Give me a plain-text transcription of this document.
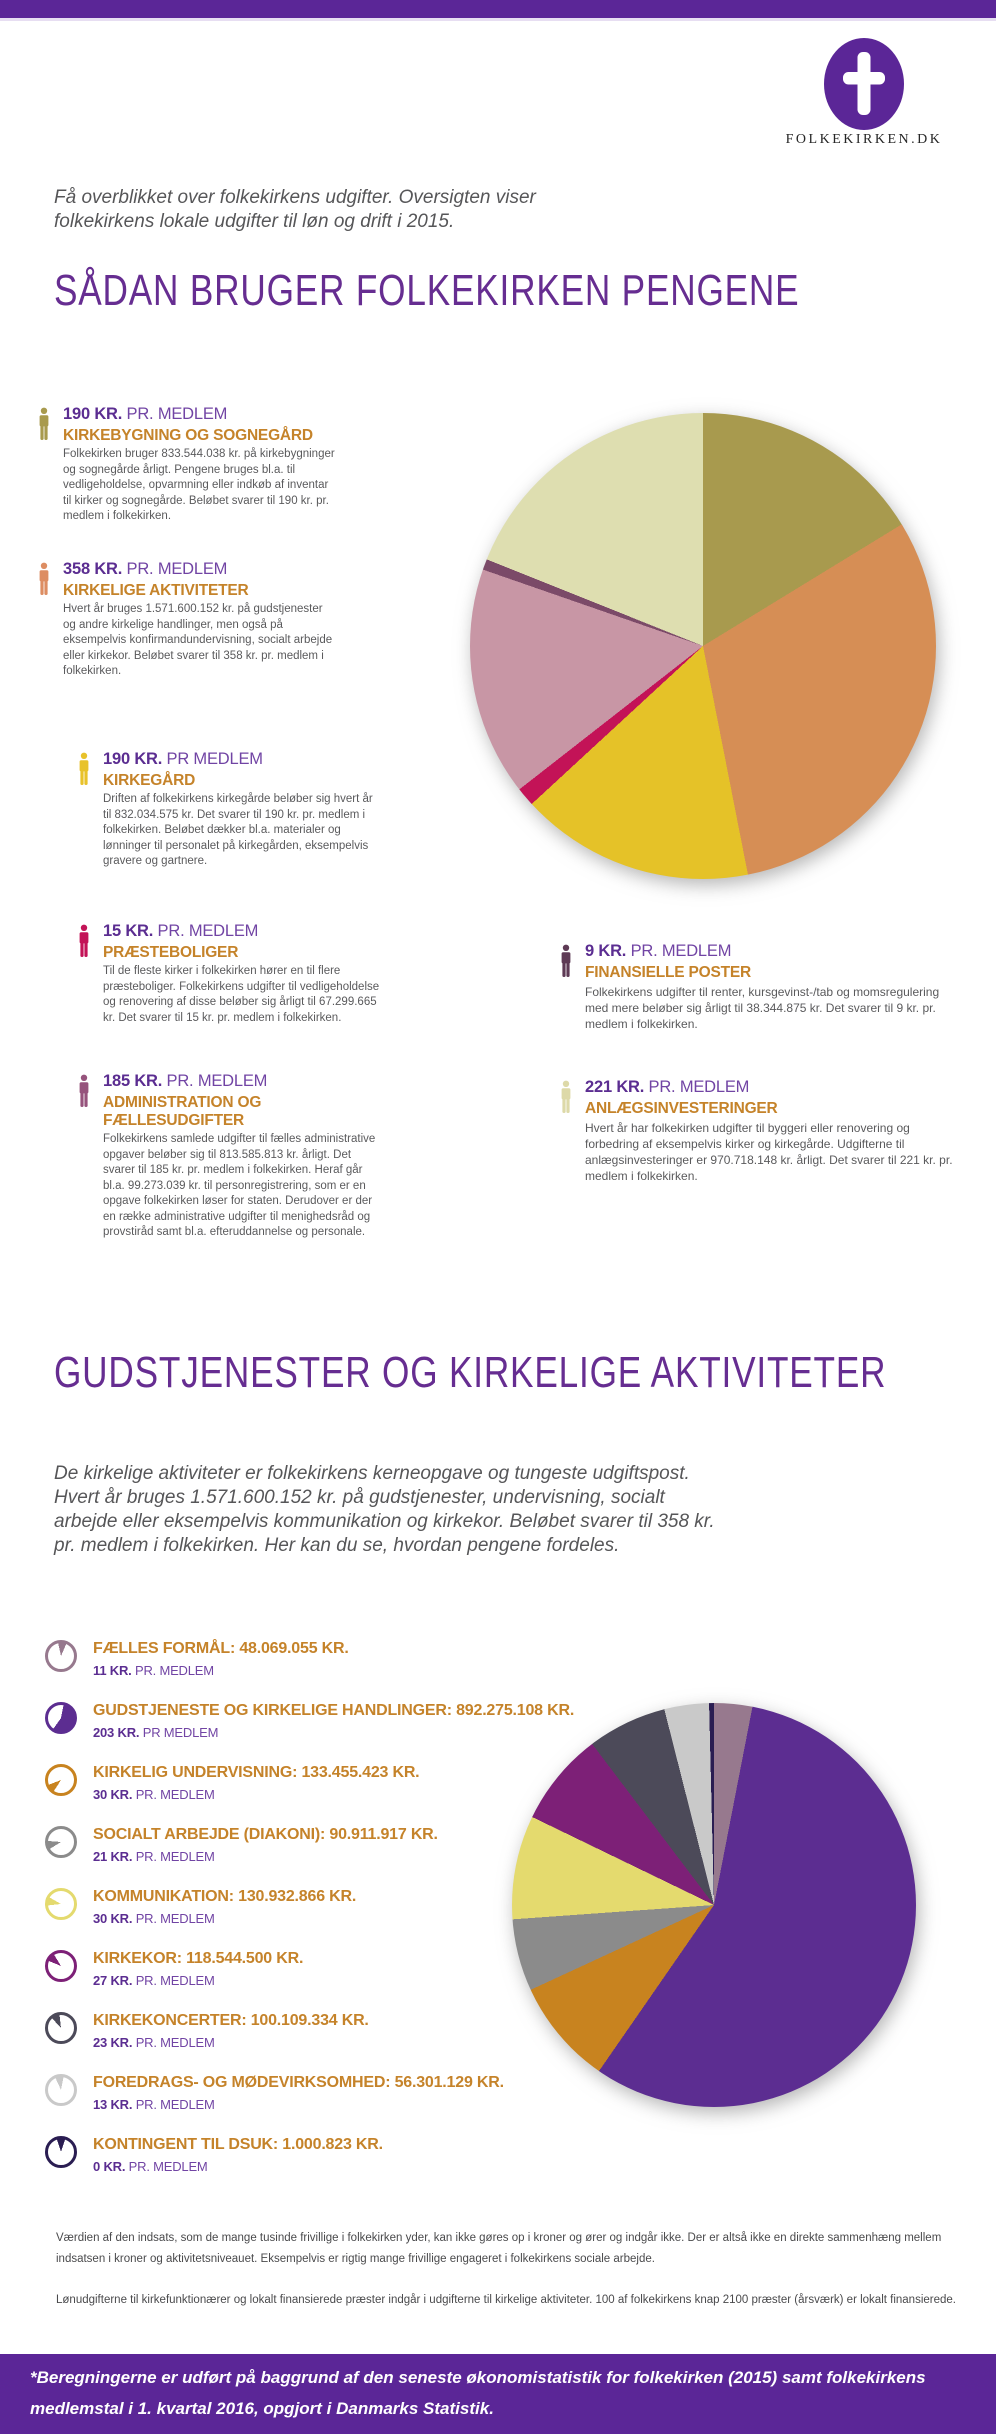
FOLKEKIRKEN.DK

Få overblikket over folkekirkens udgifter. Oversigten viser folkekirkens lokale udgifter til løn og drift i 2015.

SÅDAN BRUGER FOLKEKIRKEN PENGENE
190 KR. PR. MEDLEM
KIRKEBYGNING OG SOGNEGÅRD

Folkekirken bruger 833.544.038 kr. på kirkebygninger og sognegårde årligt. Pengene bruges bl.a. til vedligeholdelse, opvarmning eller indkøb af inventar til kirker og sognegårde. Beløbet svarer til 190 kr. pr. medlem i folkekirken.

358 KR. PR. MEDLEM
KIRKELIGE AKTIVITETER

Hvert år bruges 1.571.600.152 kr. på gudstjenester og andre kirkelige handlinger, men også på eksempelvis konfirmandundervisning, socialt arbejde eller kirkekor. Beløbet svarer til 358 kr. pr. medlem i folkekirken.

190 KR. PR MEDLEM
KIRKEGÅRD

Driften af folkekirkens kirkegårde beløber sig hvert år til 832.034.575 kr. Det svarer til 190 kr. pr. medlem i folkekirken. Beløbet dækker bl.a. materialer og lønninger til personalet på kirkegården, eksempelvis gravere og gartnere.

15 KR. PR. MEDLEM
PRÆSTEBOLIGER

Til de fleste kirker i folkekirken hører en til flere præsteboliger. Folkekirkens udgifter til vedligeholdelse og renovering af disse beløber sig årligt til 67.299.665 kr. Det svarer til 15 kr. pr. medlem i folkekirken.

185 KR. PR. MEDLEM
ADMINISTRATION OG FÆLLESUDGIFTER

Folkekirkens samlede udgifter til fælles administrative opgaver beløber sig til 813.585.813 kr. årligt. Det svarer til 185 kr. pr. medlem i folkekirken. Heraf går bl.a. 99.273.039 kr. til personregistrering, som er en opgave folkekirken løser for staten. Derudover er der en række administrative udgifter til menighedsråd og provstiråd samt bl.a. efteruddannelse og personale.

9 KR. PR. MEDLEM
FINANSIELLE POSTER

Folkekirkens udgifter til renter, kursgevinst-/tab og momsregulering med mere beløber sig årligt til 38.344.875 kr. Det svarer til 9 kr. pr. medlem i folkekirken.

221 KR. PR. MEDLEM
ANLÆGSINVESTERINGER

Hvert år har folkekirken udgifter til byggeri eller renovering og forbedring af eksempelvis kirker og kirkegårde. Udgifterne til anlægsinvesteringer er 970.718.148 kr. årligt. Det svarer til 221 kr. pr. medlem i folkekirken.

GUDSTJENESTER OG KIRKELIGE AKTIVITETER

De kirkelige aktiviteter er folkekirkens kerneopgave og tungeste udgiftspost. Hvert år bruges 1.571.600.152 kr. på gudstjenester, undervisning, socialt arbejde eller eksempelvis kommunikation og kirkekor. Beløbet svarer til 358 kr. pr. medlem i folkekirken. Her kan du se, hvordan pengene fordeles.

FÆLLES FORMÅL: 48.069.055 KR.
11 KR. PR. MEDLEM
GUDSTJENESTE OG KIRKELIGE HANDLINGER: 892.275.108 KR.
203 KR. PR MEDLEM
KIRKELIG UNDERVISNING: 133.455.423 KR.
30 KR. PR. MEDLEM
SOCIALT ARBEJDE (DIAKONI): 90.911.917 KR.
21 KR. PR. MEDLEM
KOMMUNIKATION: 130.932.866 KR.
30 KR. PR. MEDLEM
KIRKEKOR: 118.544.500 KR.
27 KR. PR. MEDLEM
KIRKEKONCERTER: 100.109.334 KR.
23 KR. PR. MEDLEM
FOREDRAGS- OG MØDEVIRKSOMHED: 56.301.129 KR.
13 KR. PR. MEDLEM
KONTINGENT TIL DSUK: 1.000.823 KR.
0 KR. PR. MEDLEM

Værdien af den indsats, som de mange tusinde frivillige i folkekirken yder, kan ikke gøres op i kroner og ører og indgår ikke. Der er altså ikke en direkte sammenhæng mellem indsatsen i kroner og aktivitetsniveauet. Eksempelvis er rigtig mange frivillige engageret i folkekirkens sociale arbejde.

Lønudgifterne til kirkefunktionærer og lokalt finansierede præster indgår i udgifterne til kirkelige aktiviteter. 100 af folkekirkens knap 2100 præster (årsværk) er lokalt finansierede.

*Beregningerne er udført på baggrund af den seneste økonomistatistik for folkekirken (2015) samt folkekirkens medlemstal i 1. kvartal 2016, opgjort i Danmarks Statistik.
